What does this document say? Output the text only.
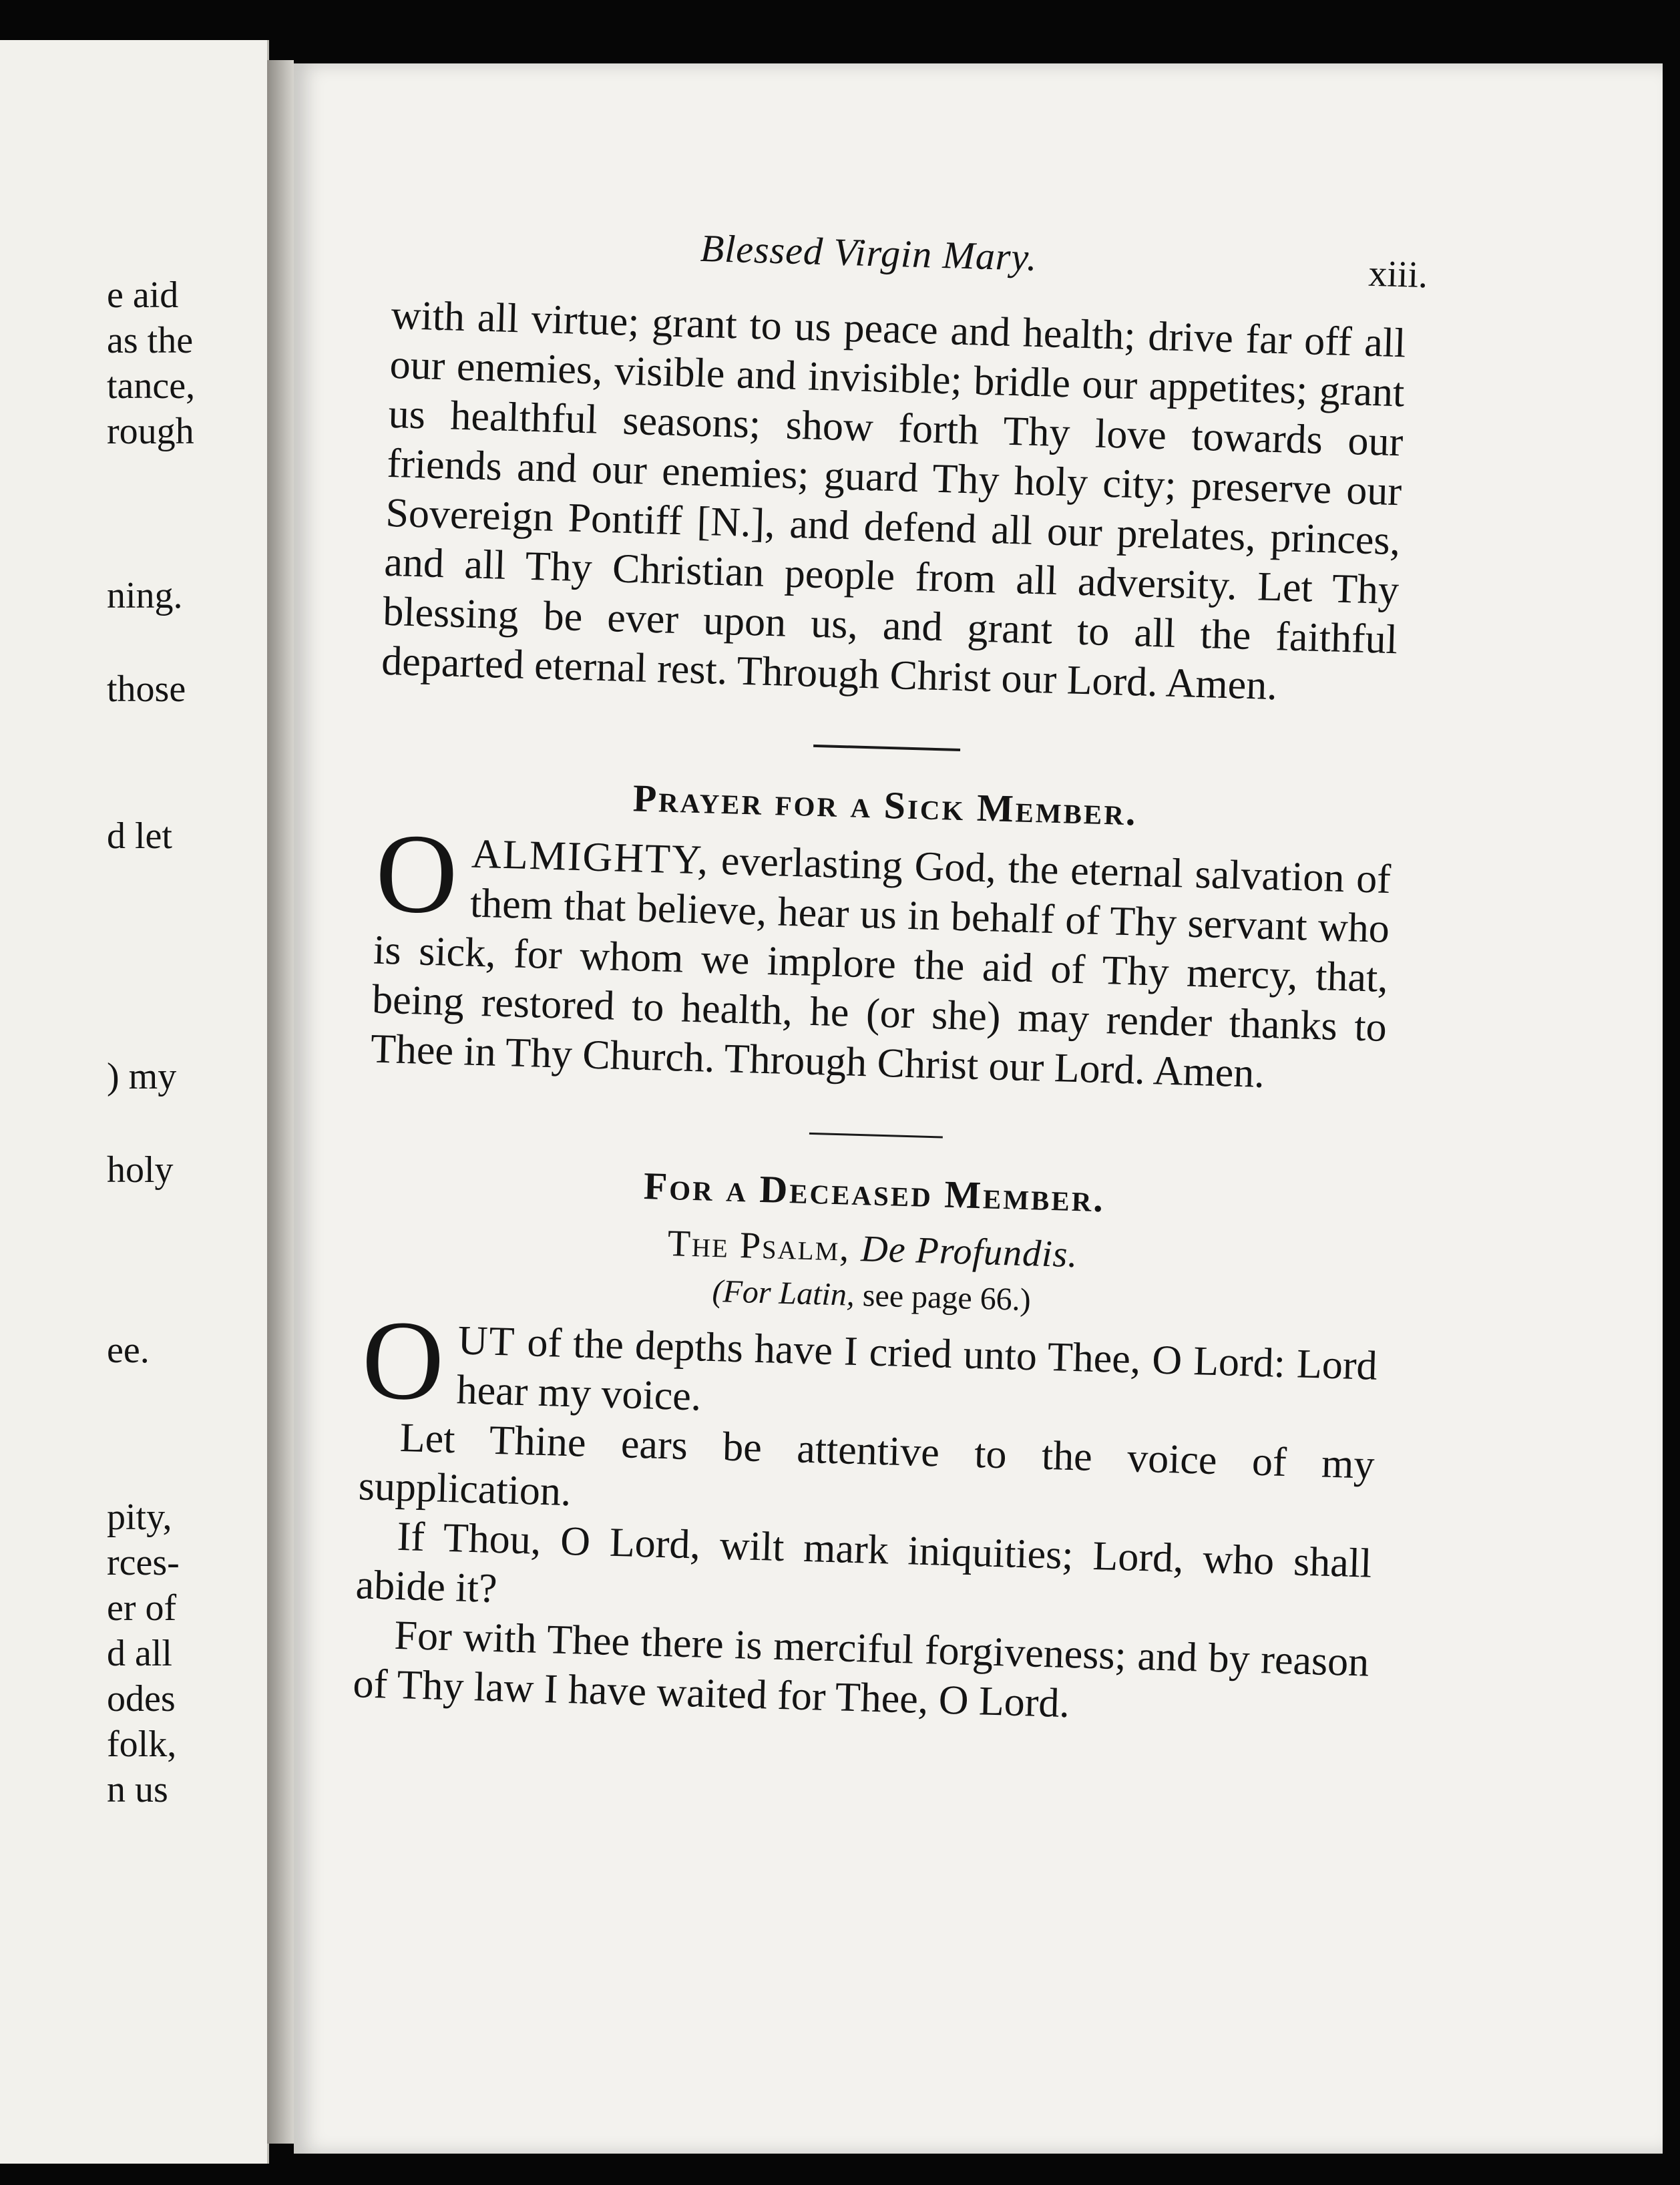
e aid
as the
tance,
rough
ning.
those
d let
) my
holy
ee.
pity,
rces-
er of
d all
odes
folk,
n us
Blessed Virgin Mary.	xiii.

with all virtue; grant to us peace and health; drive far off all our enemies, visible and invisible; bridle our appetites; grant us healthful seasons; show forth Thy love towards our friends and our enemies; guard Thy holy city; preserve our Sovereign Pontiff [N.], and defend all our prelates, princes, and all Thy Christian people from all adversity. Let Thy blessing be ever upon us, and grant to all the faithful departed eternal rest. Through Christ our Lord. Amen.

Prayer for a Sick Member.

OALMIGHTY, everlasting God, the eternal salvation of them that believe, hear us in behalf of Thy servant who is sick, for whom we implore the aid of Thy mercy, that, being restored to health, he (or she) may render thanks to Thee in Thy Church. Through Christ our Lord. Amen.

For a Deceased Member.
The Psalm, De Profundis.
(For Latin, see page 66.)

OUT of the depths have I cried unto Thee, O Lord: Lord hear my voice.

Let Thine ears be attentive to the voice of my supplication.

If Thou, O Lord, wilt mark iniquities; Lord, who shall abide it?

For with Thee there is merciful forgiveness; and by reason of Thy law I have waited for Thee, O Lord.
